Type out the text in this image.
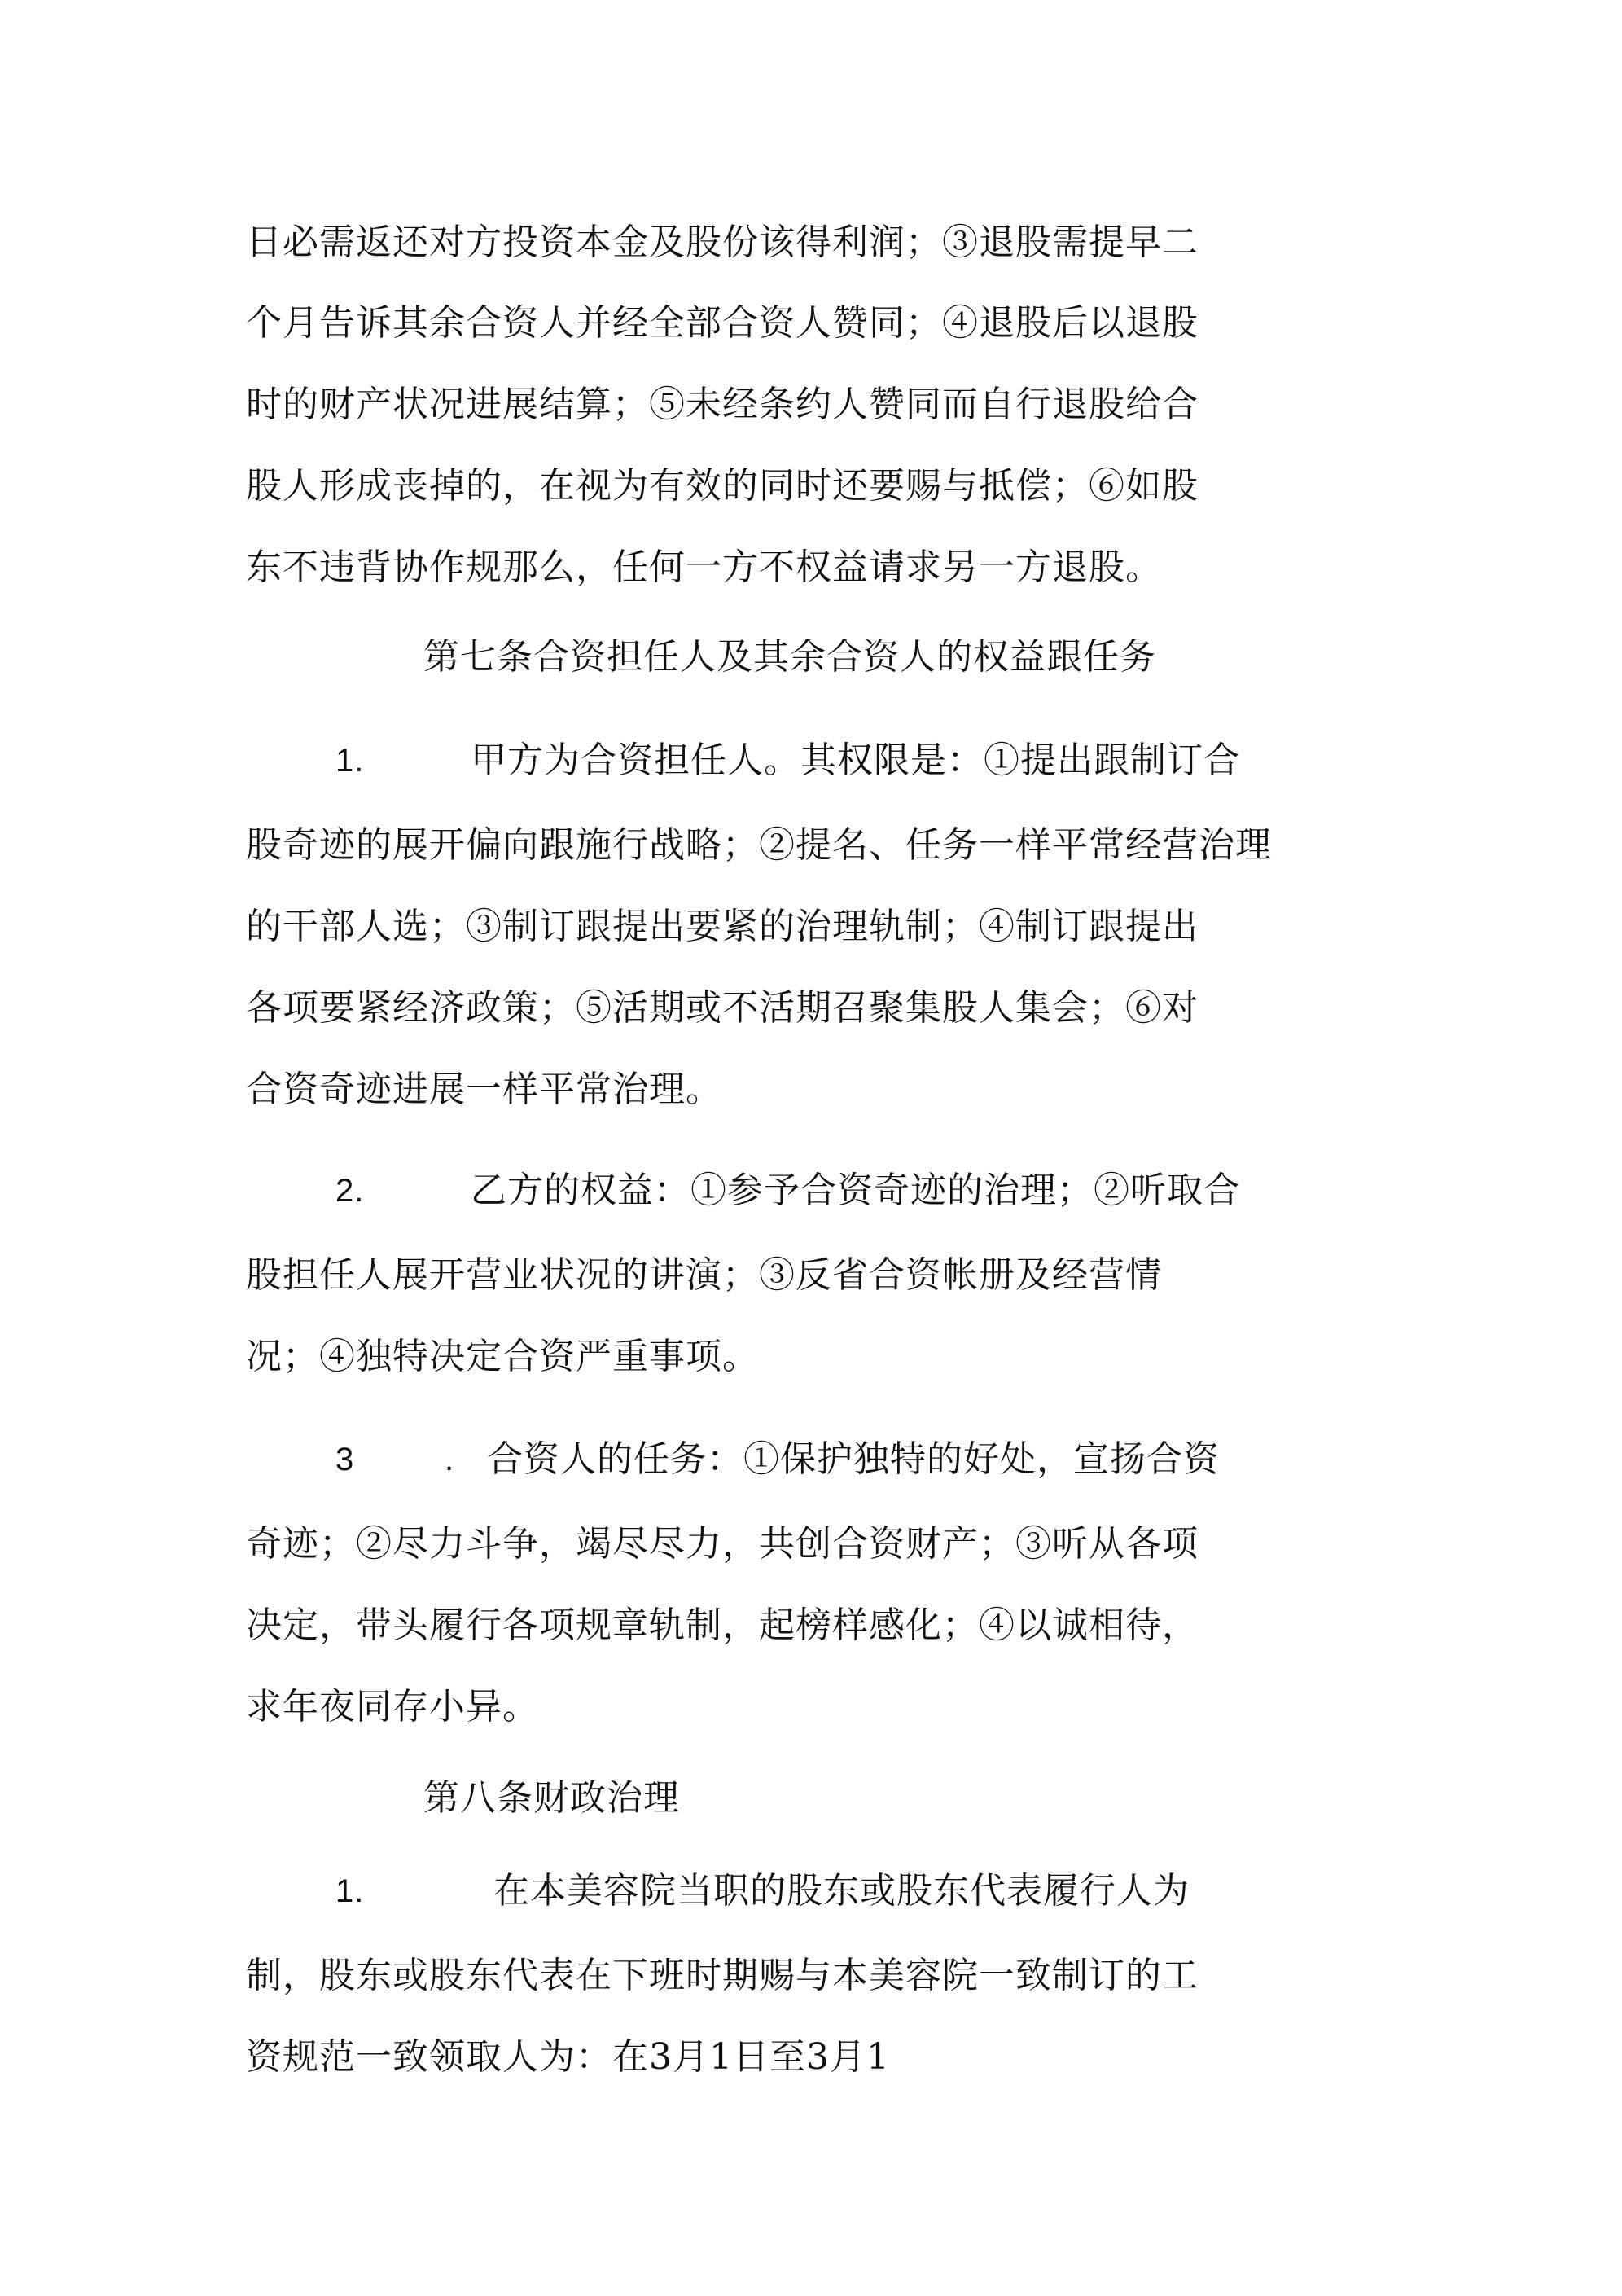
日必需返还对方投资本金及股份该得利润；③退股需提早二
个月告诉其余合资人并经全部合资人赞同；④退股后以退股
时的财产状况进展结算；⑤未经条约人赞同而自行退股给合
股人形成丧掉的，在视为有效的同时还要赐与抵偿；⑥如股
东不违背协作规那么，任何一方不权益请求另一方退股。
第七条合资担任人及其余合资人的权益跟任务
1.	甲方为合资担任人。其权限是：①提出跟制订合
股奇迹的展开偏向跟施行战略；②提名、任务一样平常经营治理
的干部人选；③制订跟提出要紧的治理轨制；④制订跟提出
各项要紧经济政策；⑤活期或不活期召聚集股人集会；⑥对
合资奇迹进展一样平常治理。
2.	乙方的权益：①参予合资奇迹的治理；②听取合
股担任人展开营业状况的讲演；③反省合资帐册及经营情
况；④独特决定合资严重事项。
3	. 合资人的任务：①保护独特的好处，宣扬合资
奇迹；②尽力斗争，竭尽尽力，共创合资财产；③听从各项
决定，带头履行各项规章轨制，起榜样感化；④以诚相待，
求年夜同存小异。
第八条财政治理
1.	在本美容院当职的股东或股东代表履行人为
制，股东或股东代表在下班时期赐与本美容院一致制订的工
资规范一致领取人为：在3月1日至3月1
